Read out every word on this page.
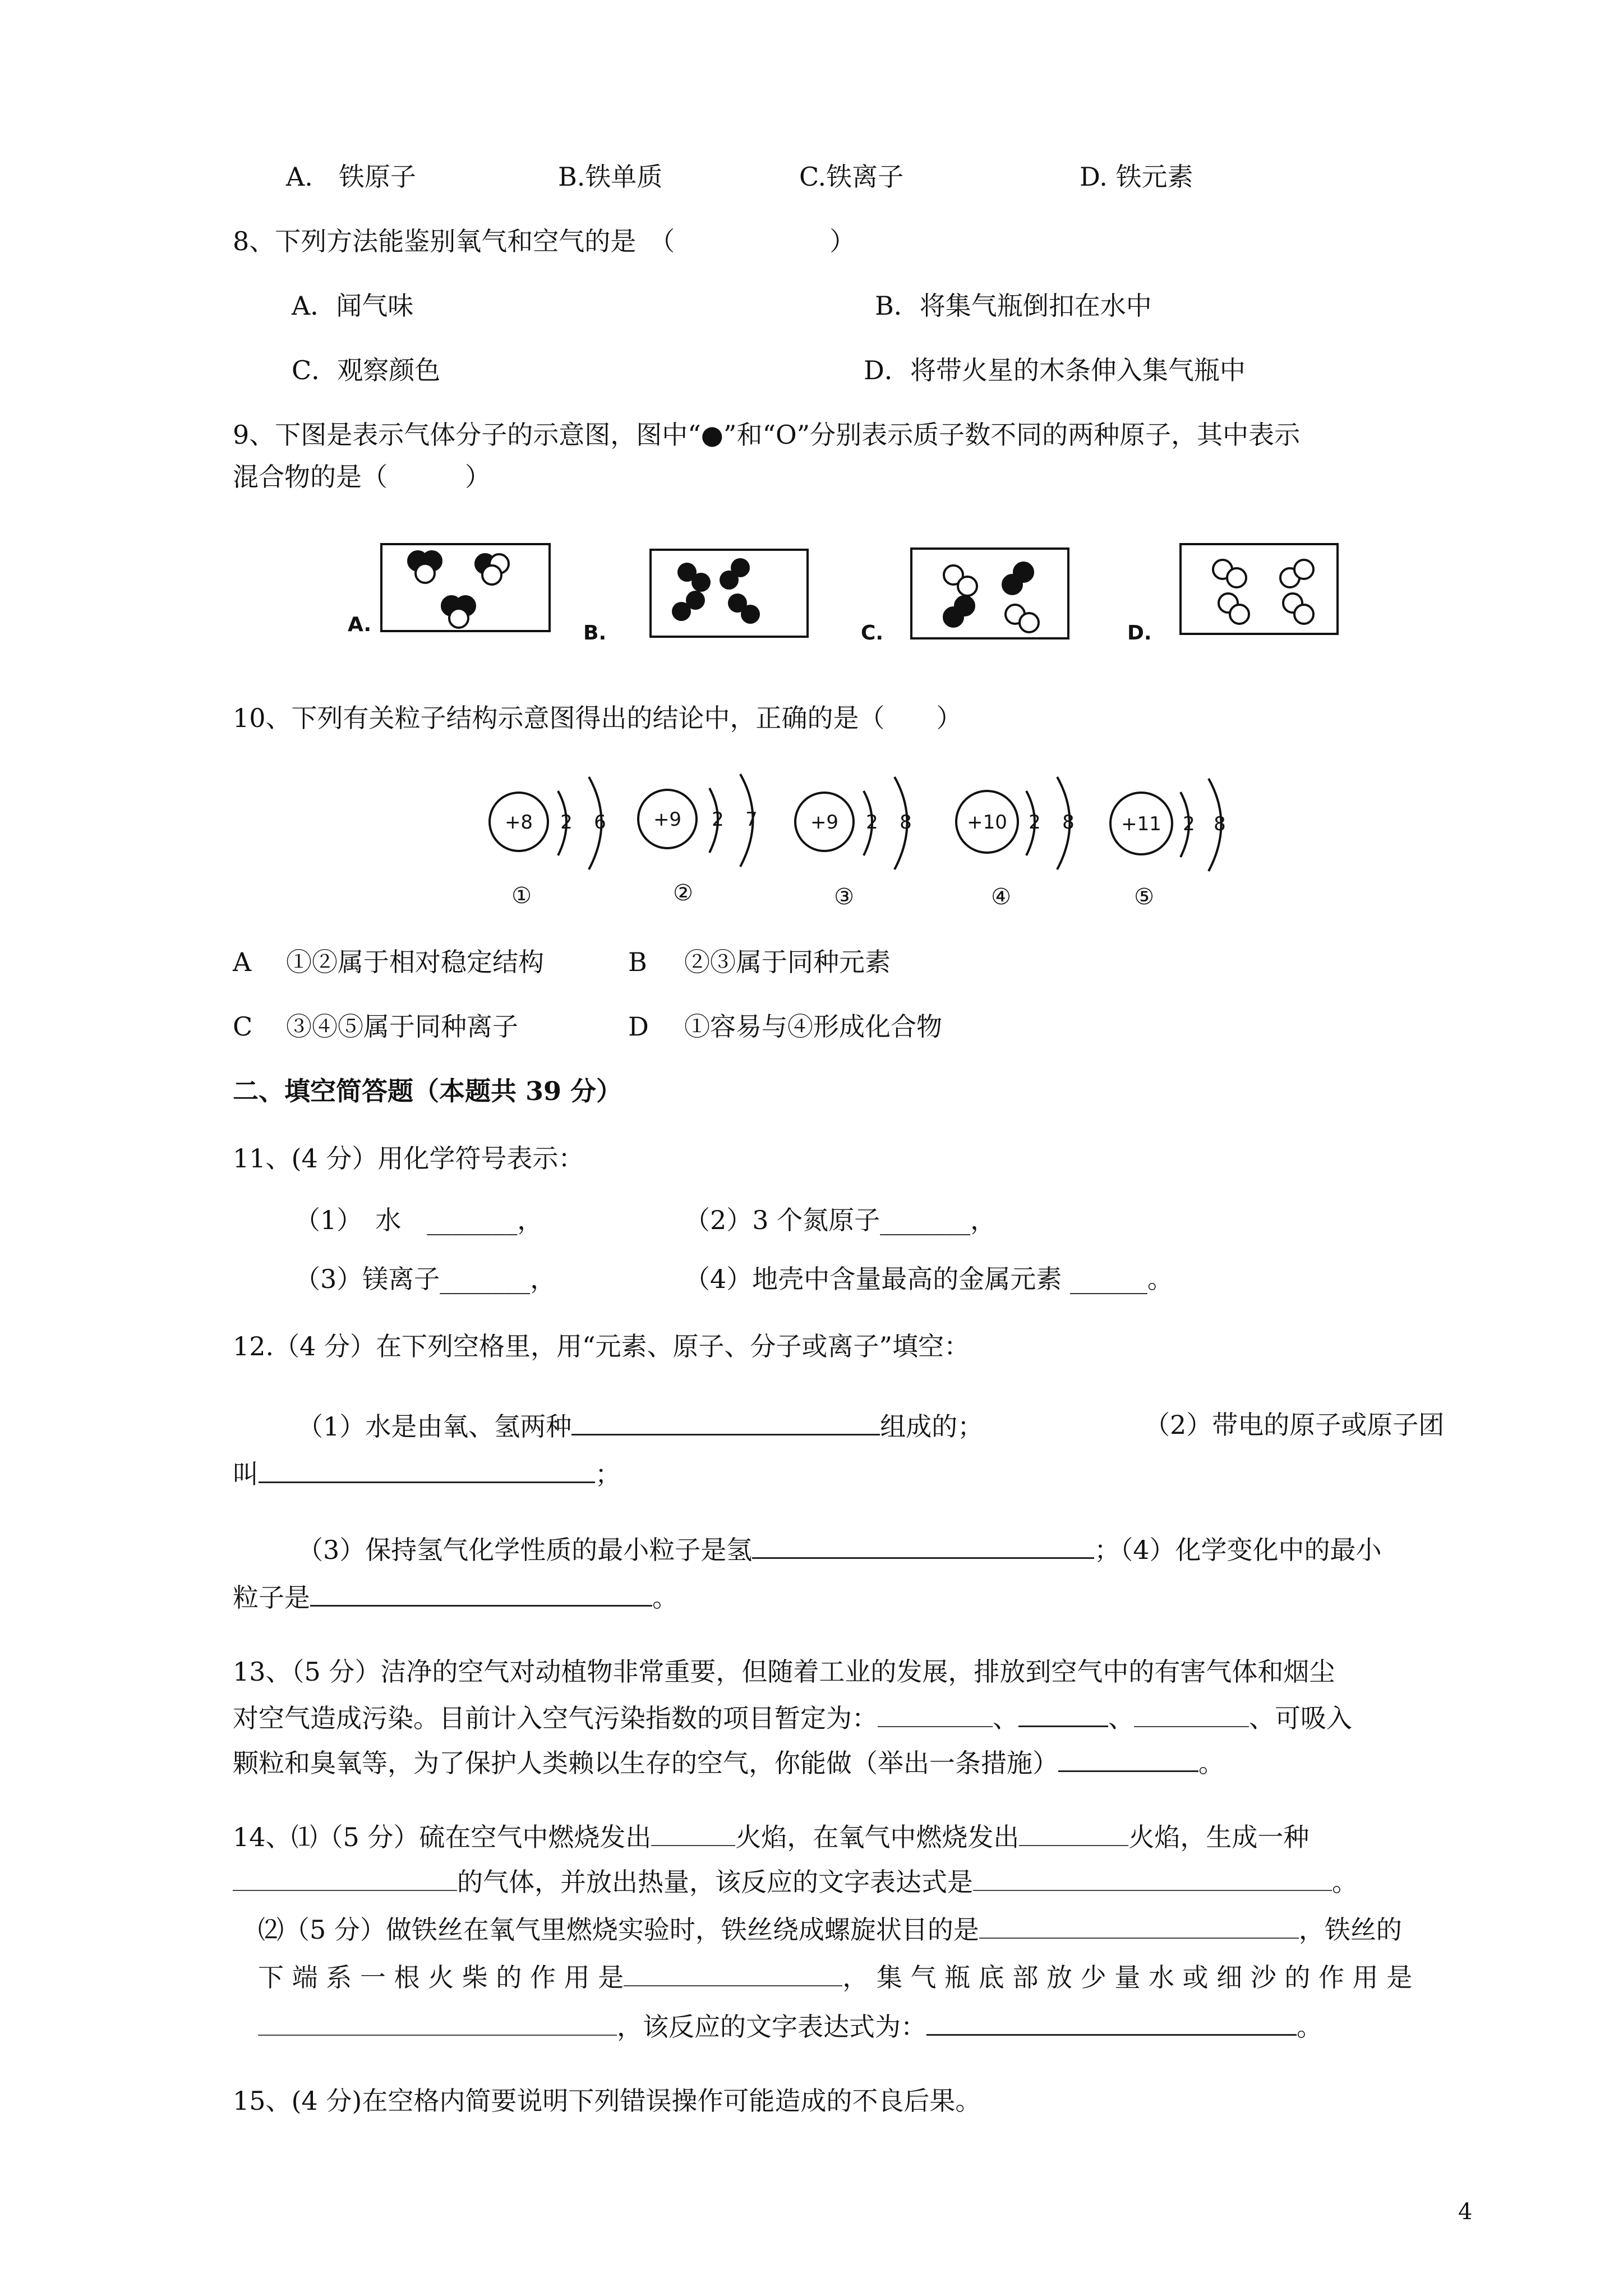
A.　铁原子	B.铁单质	C.铁离子	D. 铁元素
8、下列方法能鉴别氧气和空气的是　（　　　　　　）
A．闻气味	B．将集气瓶倒扣在水中
C．观察颜色	D．将带火星的木条伸入集气瓶中
9、下图是表示气体分子的示意图，图中“●”和“Ο”分别表示质子数不同的两种原子，其中表示
混合物的是（　　　）
A.	B.	C.	D.
10、下列有关粒子结构示意图得出的结论中，正确的是（　　）
+8 2 6 +9 2 7	+9 2 8	+10 2 8 +11 2 8
①	②	③	④	⑤
A ①②属于相对稳定结构	B ②③属于同种元素
C ③④⑤属于同种离子	D ①容易与④形成化合物
二、填空简答题（本题共 39 分）
11、(4 分）用化学符号表示：
（1）　水　_______，	（2）3 个氮原子_______，
（3）镁离子_______，	（4）地壳中含量最高的金属元素 ______。
12.（4 分）在下列空格里，用“元素、原子、分子或离子”填空：
（1）水是由氧、氢两种	组成的；	（2）带电的原子或原子团
叫	；
（3）保持氢气化学性质的最小粒子是氢	；（4）化学变化中的最小
粒子是	。
13、（5 分）洁净的空气对动植物非常重要，但随着工业的发展，排放到空气中的有害气体和烟尘
对空气造成污染。目前计入空气污染指数的项目暂定为：	、	、	、可吸入
颗粒和臭氧等，为了保护人类赖以生存的空气，你能做（举出一条措施）	。
14、⑴（5 分）硫在空气中燃烧发出	火焰，在氧气中燃烧发出	火焰，生成一种
的气体，并放出热量，该反应的文字表达式是	。
⑵（5 分）做铁丝在氧气里燃烧实验时，铁丝绕成螺旋状目的是	，铁丝的
下 端 系 一 根 火 柴 的 作 用 是	， 集 气 瓶 底 部 放 少 量 水 或 细 沙 的 作 用 是
，该反应的文字表达式为：	。
15、(4 分)在空格内简要说明下列错误操作可能造成的不良后果。
4
